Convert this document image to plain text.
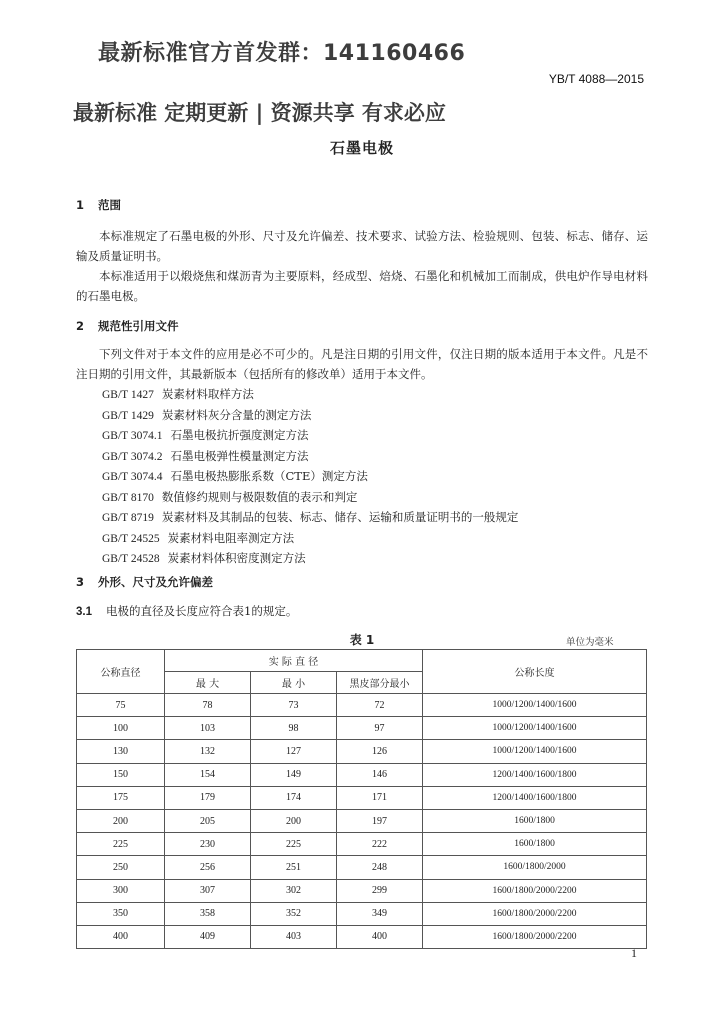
最新标准官方首发群：141160466
YB/T 4088—2015
最新标准 定期更新 | 资源共享 有求必应
石墨电极
1 范围
本标准规定了石墨电极的外形、尺寸及允许偏差、技术要求、试验方法、检验规则、包装、标志、储存、运输及质量证明书。
本标准适用于以煅烧焦和煤沥青为主要原料，经成型、焙烧、石墨化和机械加工而制成，供电炉作导电材料的石墨电极。
2 规范性引用文件
下列文件对于本文件的应用是必不可少的。凡是注日期的引用文件，仅注日期的版本适用于本文件。凡是不注日期的引用文件，其最新版本（包括所有的修改单）适用于本文件。
GB/T 1427 炭素材料取样方法
GB/T 1429 炭素材料灰分含量的测定方法
GB/T 3074.1 石墨电极抗折强度测定方法
GB/T 3074.2 石墨电极弹性模量测定方法
GB/T 3074.4 石墨电极热膨胀系数（CTE）测定方法
GB/T 8170 数值修约规则与极限数值的表示和判定
GB/T 8719 炭素材料及其制品的包装、标志、储存、运输和质量证明书的一般规定
GB/T 24525 炭素材料电阻率测定方法
GB/T 24528 炭素材料体积密度测定方法
3 外形、尺寸及允许偏差
3.1 电极的直径及长度应符合表1的规定。
表 1	单位为毫米
公称直径	实 际 直 径			公称长度
	最 大	最 小	黑皮部分最小	
75	78	73	72	1000/1200/1400/1600
100	103	98	97	1000/1200/1400/1600
130	132	127	126	1000/1200/1400/1600
150	154	149	146	1200/1400/1600/1800
175	179	174	171	1200/1400/1600/1800
200	205	200	197	1600/1800
225	230	225	222	1600/1800
250	256	251	248	1600/1800/2000
300	307	302	299	1600/1800/2000/2200
350	358	352	349	1600/1800/2000/2200
400	409	403	400	1600/1800/2000/2200
1
